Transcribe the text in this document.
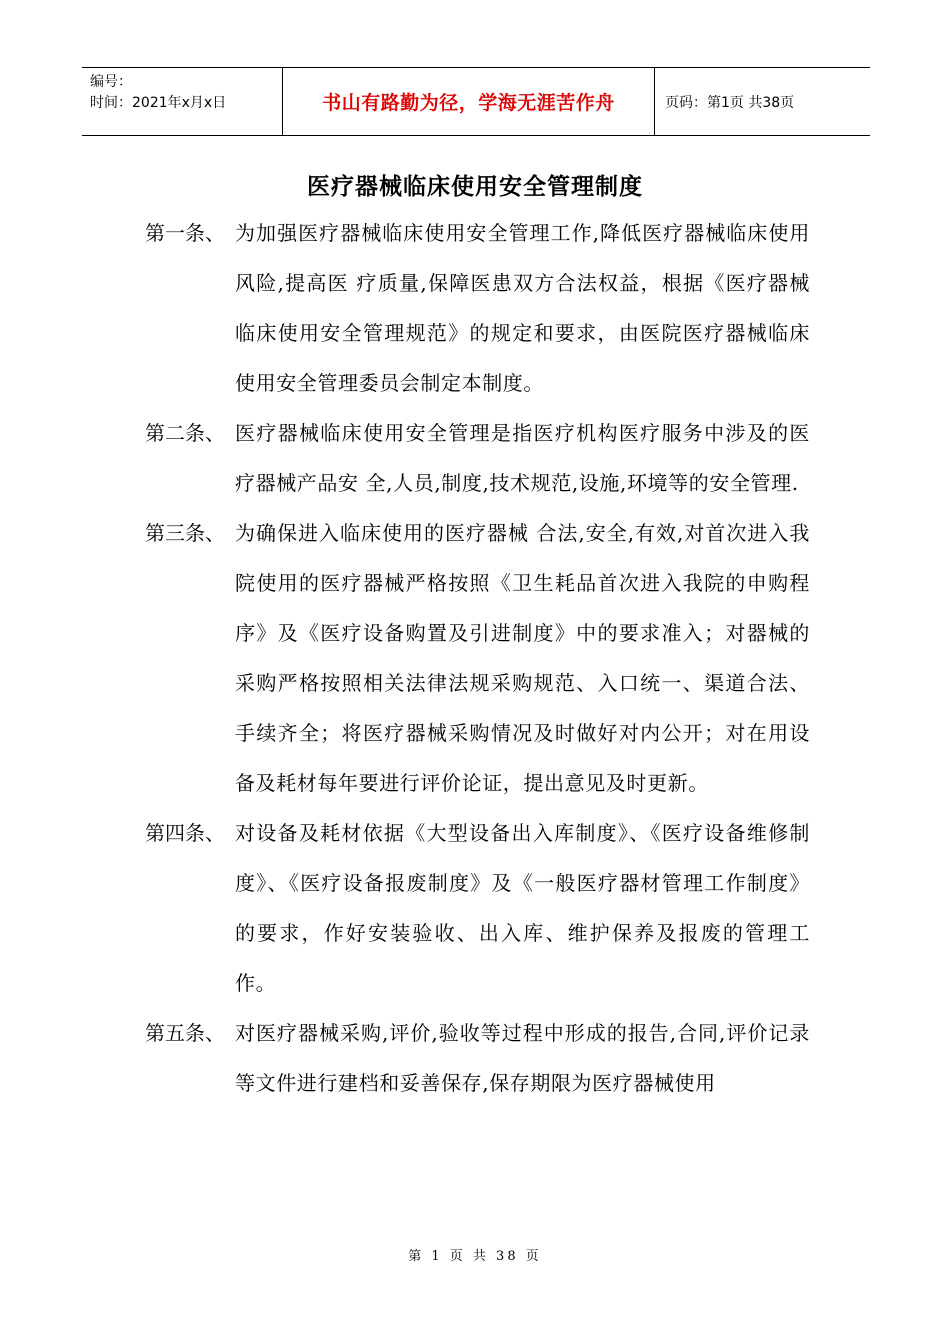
编号：
时间：2021年x月x日	书山有路勤为径，学海无涯苦作舟	页码：第1页 共38页
医疗器械临床使用安全管理制度
第一条、 为加强医疗器械临床使用安全管理工作,降低医疗器械临床使用风险,提高医 疗质量,保障医患双方合法权益，根据《医疗器械临床使用安全管理规范》的规定和要求，由医院医疗器械临床使用安全管理委员会制定本制度。
第二条、 医疗器械临床使用安全管理是指医疗机构医疗服务中涉及的医疗器械产品安 全,人员,制度,技术规范,设施,环境等的安全管理.
第三条、 为确保进入临床使用的医疗器械 合法,安全,有效,对首次进入我院使用的医疗器械严格按照《卫生耗品首次进入我院的申购程序》及《医疗设备购置及引进制度》中的要求准入；对器械的采购严格按照相关法律法规采购规范、入口统一、渠道合法、手续齐全；将医疗器械采购情况及时做好对内公开；对在用设备及耗材每年要进行评价论证，提出意见及时更新。
第四条、 对设备及耗材依据《大型设备出入库制度》、《医疗设备维修制度》、《医疗设备报废制度》及《一般医疗器材管理工作制度》的要求，作好安装验收、出入库、维护保养及报废的管理工作。
第五条、 对医疗器械采购,评价,验收等过程中形成的报告,合同,评价记录等文件进行建档和妥善保存,保存期限为医疗器械使用
第 1 页 共 38 页
